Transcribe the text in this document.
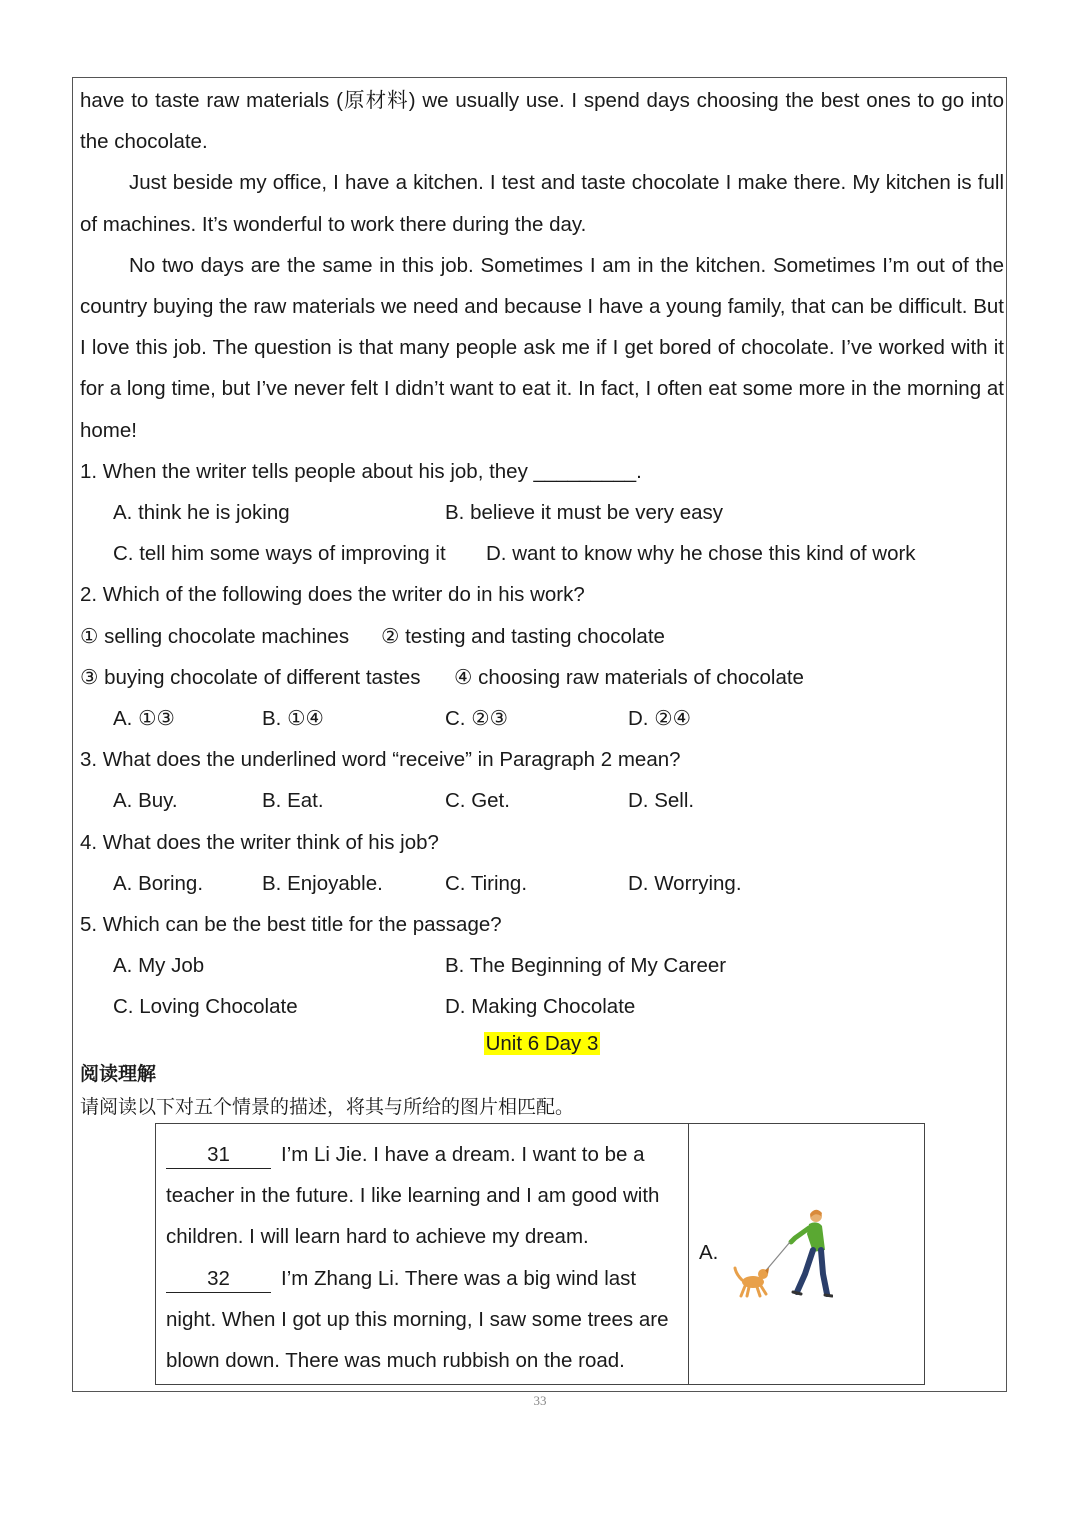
have to taste raw materials (原材料) we usually use. I spend days choosing the best ones to go into the chocolate.

Just beside my office, I have a kitchen. I test and taste chocolate I make there. My kitchen is full of machines. It’s wonderful to work there during the day.

No two days are the same in this job. Sometimes I am in the kitchen. Sometimes I’m out of the country buying the raw materials we need and because I have a young family, that can be difficult. But I love this job. The question is that many people ask me if I get bored of chocolate. I’ve worked with it for a long time, but I’ve never felt I didn’t want to eat it. In fact, I often eat some more in the morning at home!

1. When the writer tells people about his job, they _________.

A. think he is joking	B. believe it must be very easy
C. tell him some ways of improving it D. want to know why he chose this kind of work

2. Which of the following does the writer do in his work?

① selling chocolate machines ② testing and tasting chocolate
③ buying chocolate of different tastes ④ choosing raw materials of chocolate
A. ①③	B. ①④	C. ②③	D. ②④

3. What does the underlined word “receive” in Paragraph 2 mean?

A. Buy.	B. Eat.	C. Get.	D. Sell.

4. What does the writer think of his job?

A. Boring.	B. Enjoyable.	C. Tiring.	D. Worrying.

5. Which can be the best title for the passage?

A. My Job	B. The Beginning of My Career
C. Loving Chocolate	D. Making Chocolate
Unit 6 Day 3
阅读理解
请阅读以下对五个情景的描述，将其与所给的图片相匹配。
31 I’m Li Jie. I have a dream. I want to be a teacher in the future. I like learning and I am good with children. I will learn hard to achieve my dream.
32 I’m Zhang Li. There was a big wind last night. When I got up this morning, I saw some trees are blown down. There was much rubbish on the road.
A.
33
